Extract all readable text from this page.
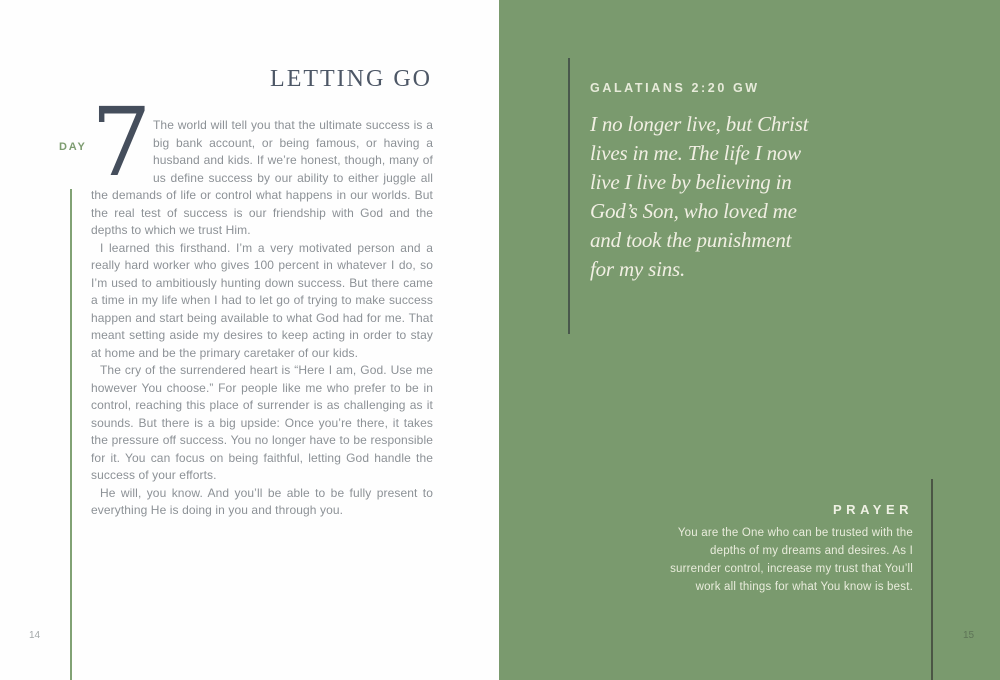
LETTING GO
DAY 7 The world will tell you that the ultimate success is a big bank account, or being famous, or having a husband and kids. If we’re honest, though, many of us define success by our ability to either juggle all the demands of life or control what happens in our worlds. But the real test of success is our friendship with God and the depths to which we trust Him.
I learned this firsthand. I’m a very motivated person and a really hard worker who gives 100 percent in whatever I do, so I’m used to ambitiously hunting down success. But there came a time in my life when I had to let go of trying to make success happen and start being available to what God had for me. That meant setting aside my desires to keep acting in order to stay at home and be the primary caretaker of our kids.
The cry of the surrendered heart is “Here I am, God. Use me however You choose.” For people like me who prefer to be in control, reaching this place of surrender is as challenging as it sounds. But there is a big upside: Once you’re there, it takes the pressure off success. You no longer have to be responsible for it. You can focus on being faithful, letting God handle the success of your efforts.
He will, you know. And you’ll be able to be fully present to everything He is doing in you and through you.
14
GALATIANS 2:20 GW
I no longer live, but Christ
lives in me. The life I now
live I live by believing in
God’s Son, who loved me
and took the punishment
for my sins.
PRAYER
You are the One who can be trusted with the
depths of my dreams and desires. As I
surrender control, increase my trust that You’ll
work all things for what You know is best.
15
